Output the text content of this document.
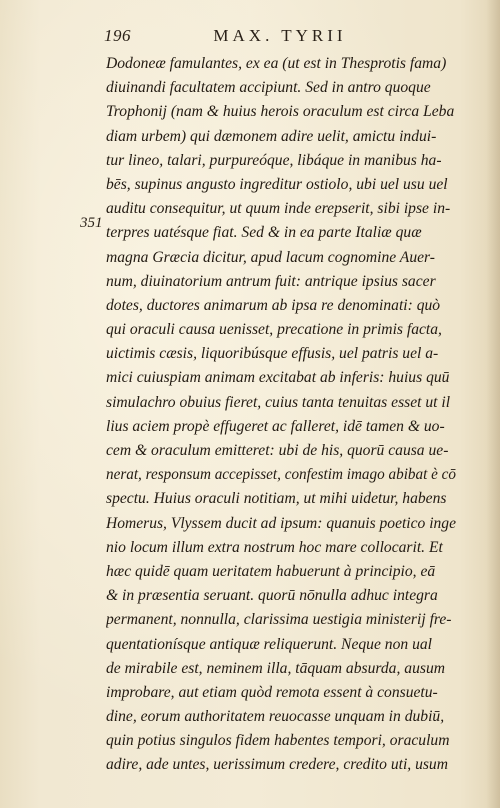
196	MAX. TYRII
351
Dodoneæ famulantes, ex ea (ut est in Thesprotis fama)
diuinandi facultatem accipiunt. Sed in antro quoque
Trophonij (nam & huius herois oraculum est circa Leba
diam urbem) qui dæmonem adire uelit, amictu indui-
tur lineo, talari, purpureóque, libáque in manibus ha-
bēs, supinus angusto ingreditur ostiolo, ubi uel usu uel
auditu consequitur, ut quum inde erepserit, sibi ipse in-
terpres uatésque fiat. Sed & in ea parte Italiæ quæ
magna Græcia dicitur, apud lacum cognomine Auer-
num, diuinatorium antrum fuit: antrique ipsius sacer
dotes, ductores animarum ab ipsa re denominati: quò
qui oraculi causa uenisset, precatione in primis facta,
uictimis cæsis, liquoribúsque effusis, uel patris uel a-
mici cuiuspiam animam excitabat ab inferis: huius quū
simulachro obuius fieret, cuius tanta tenuitas esset ut il
lius aciem propè effugeret ac falleret, idē tamen & uo-
cem & oraculum emitteret: ubi de his, quorū causa ue-
nerat, responsum accepisset, confestim imago abibat è cō
spectu. Huius oraculi notitiam, ut mihi uidetur, habens
Homerus, Vlyssem ducit ad ipsum: quanuis poetico inge
nio locum illum extra nostrum hoc mare collocarit. Et
hæc quidē quam ueritatem habuerunt à principio, eā
& in præsentia seruant. quorū nōnulla adhuc integra
permanent, nonnulla, clarissima uestigia ministerij fre-
quentationísque antiquæ reliquerunt. Neque non ual
de mirabile est, neminem illa, tāquam absurda, ausum
improbare, aut etiam quòd remota essent à consuetu-
dine, eorum authoritatem reuocasse unquam in dubiū,
quin potius singulos fidem habentes tempori, oraculum
adire, ade untes, uerissimum credere, credito uti, usum
